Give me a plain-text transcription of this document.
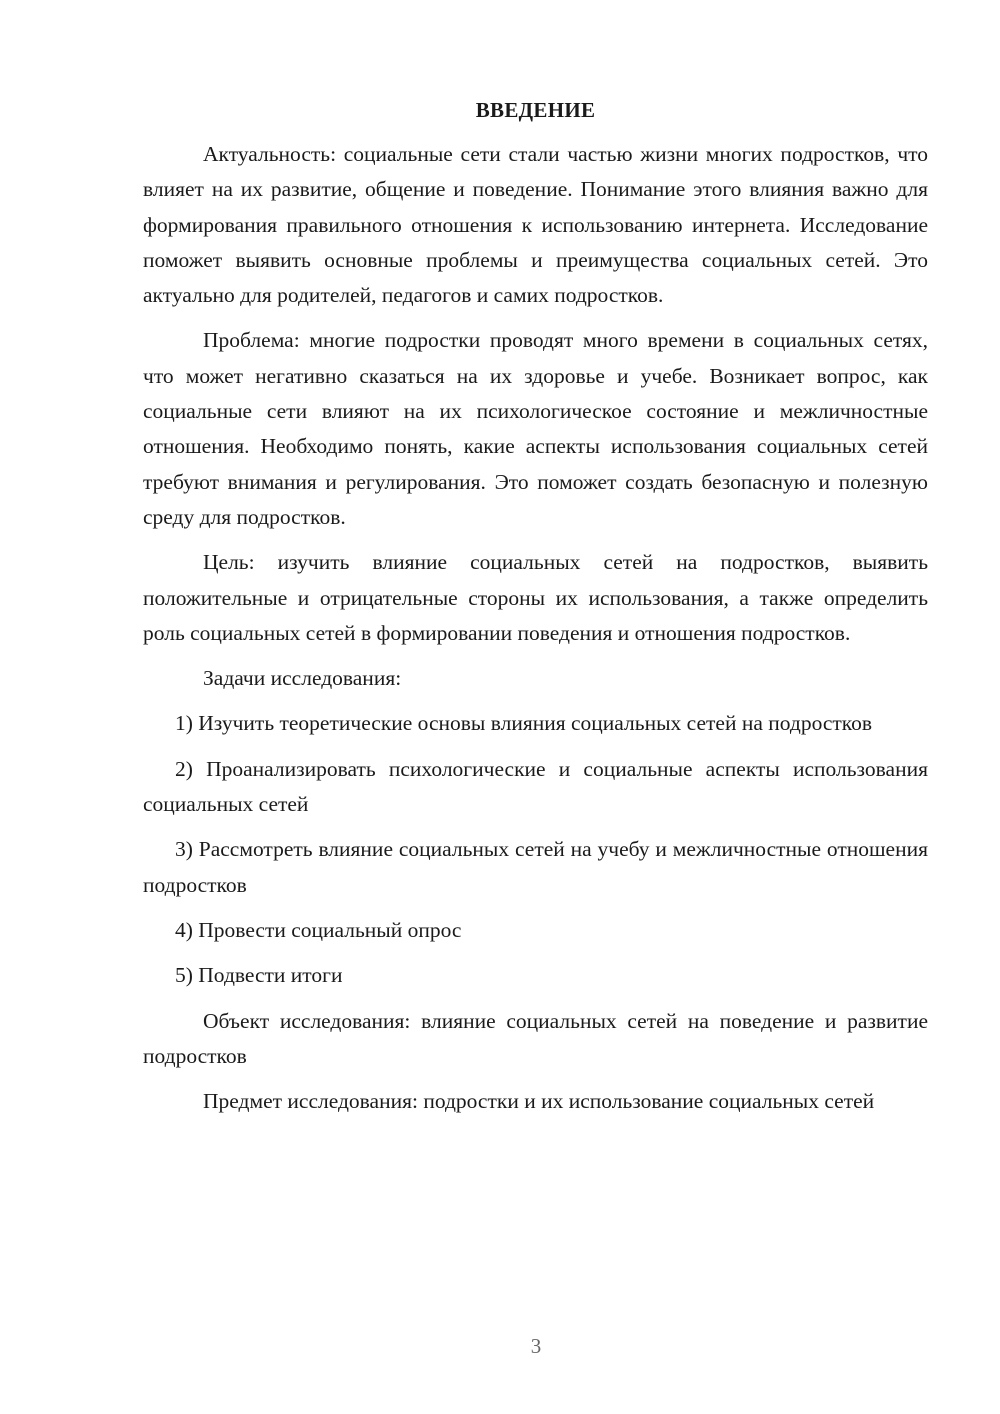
ВВЕДЕНИЕ

Актуальность: социальные сети стали частью жизни многих подростков, что влияет на их развитие, общение и поведение. Понимание этого влияния важно для формирования правильного отношения к использованию интернета. Исследование поможет выявить основные проблемы и преимущества социальных сетей. Это актуально для родителей, педагогов и самих подростков.

Проблема: многие подростки проводят много времени в социальных сетях, что может негативно сказаться на их здоровье и учебе. Возникает вопрос, как социальные сети влияют на их психологическое состояние и межличностные отношения. Необходимо понять, какие аспекты использования социальных сетей требуют внимания и регулирования. Это поможет создать безопасную и полезную среду для подростков.

Цель: изучить влияние социальных сетей на подростков, выявить положительные и отрицательные стороны их использования, а также определить роль социальных сетей в формировании поведения и отношения подростков.

Задачи исследования:

1) Изучить теоретические основы влияния социальных сетей на подростков

2) Проанализировать психологические и социальные аспекты использования социальных сетей

3) Рассмотреть влияние социальных сетей на учебу и межличностные отношения подростков

4) Провести социальный опрос

5) Подвести итоги

Объект исследования: влияние социальных сетей на поведение и развитие подростков

Предмет исследования: подростки и их использование социальных сетей

3
